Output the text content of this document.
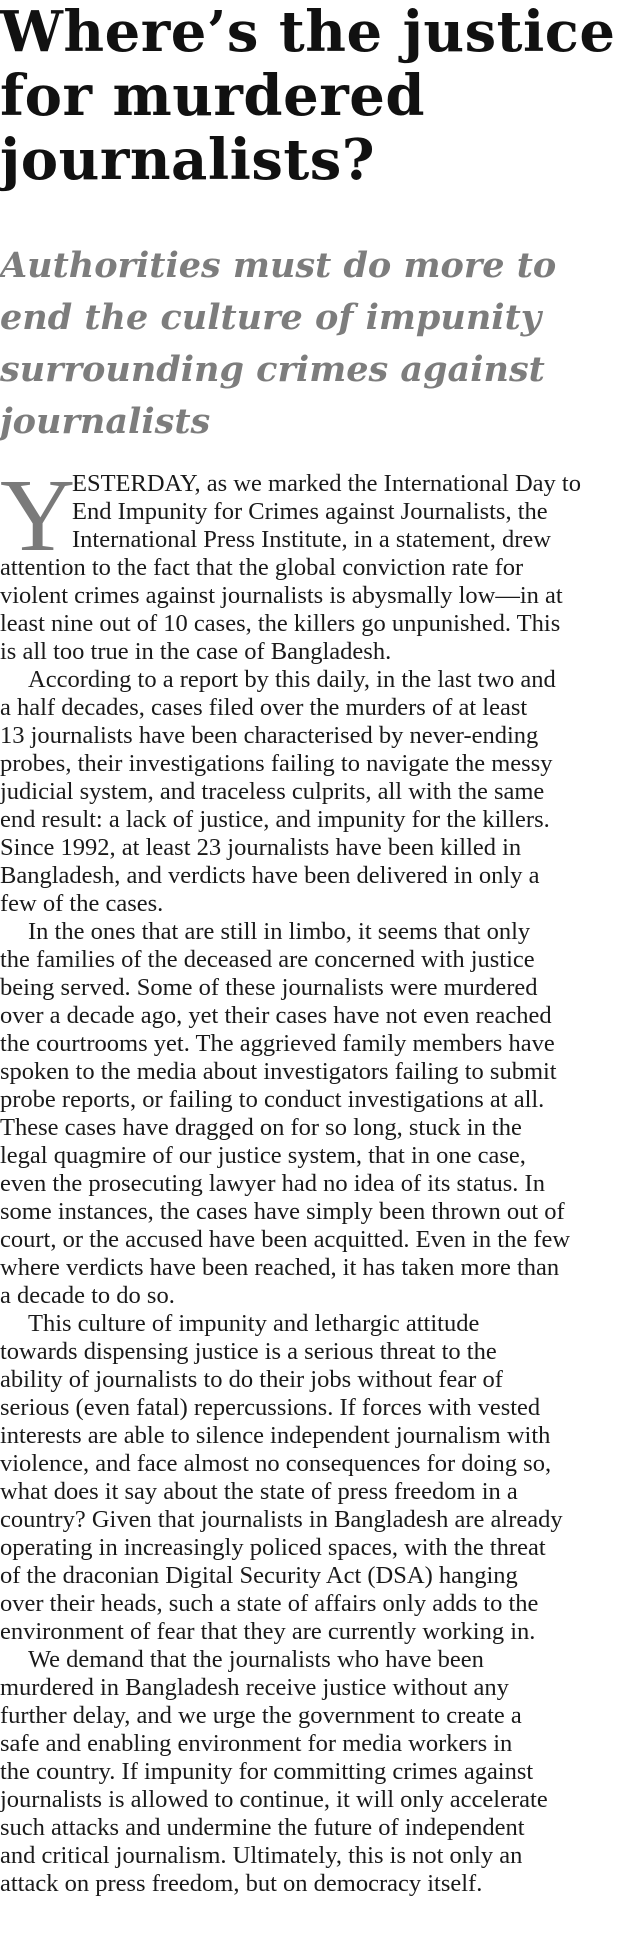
Where’s the justice
for murdered
journalists?
Authorities must do more to
end the culture of impunity
surrounding crimes against
journalists
Y
ESTERDAY, as we marked the International Day to
End Impunity for Crimes against Journalists, the
International Press Institute, in a statement, drew
attention to the fact that the global conviction rate for
violent crimes against journalists is abysmally low—in at
least nine out of 10 cases, the killers go unpunished. This
is all too true in the case of Bangladesh.
According to a report by this daily, in the last two and
a half decades, cases filed over the murders of at least
13 journalists have been characterised by never-ending
probes, their investigations failing to navigate the messy
judicial system, and traceless culprits, all with the same
end result: a lack of justice, and impunity for the killers.
Since 1992, at least 23 journalists have been killed in
Bangladesh, and verdicts have been delivered in only a
few of the cases.
In the ones that are still in limbo, it seems that only
the families of the deceased are concerned with justice
being served. Some of these journalists were murdered
over a decade ago, yet their cases have not even reached
the courtrooms yet. The aggrieved family members have
spoken to the media about investigators failing to submit
probe reports, or failing to conduct investigations at all.
These cases have dragged on for so long, stuck in the
legal quagmire of our justice system, that in one case,
even the prosecuting lawyer had no idea of its status. In
some instances, the cases have simply been thrown out of
court, or the accused have been acquitted. Even in the few
where verdicts have been reached, it has taken more than
a decade to do so.
This culture of impunity and lethargic attitude
towards dispensing justice is a serious threat to the
ability of journalists to do their jobs without fear of
serious (even fatal) repercussions. If forces with vested
interests are able to silence independent journalism with
violence, and face almost no consequences for doing so,
what does it say about the state of press freedom in a
country? Given that journalists in Bangladesh are already
operating in increasingly policed spaces, with the threat
of the draconian Digital Security Act (DSA) hanging
over their heads, such a state of affairs only adds to the
environment of fear that they are currently working in.
We demand that the journalists who have been
murdered in Bangladesh receive justice without any
further delay, and we urge the government to create a
safe and enabling environment for media workers in
the country. If impunity for committing crimes against
journalists is allowed to continue, it will only accelerate
such attacks and undermine the future of independent
and critical journalism. Ultimately, this is not only an
attack on press freedom, but on democracy itself.
